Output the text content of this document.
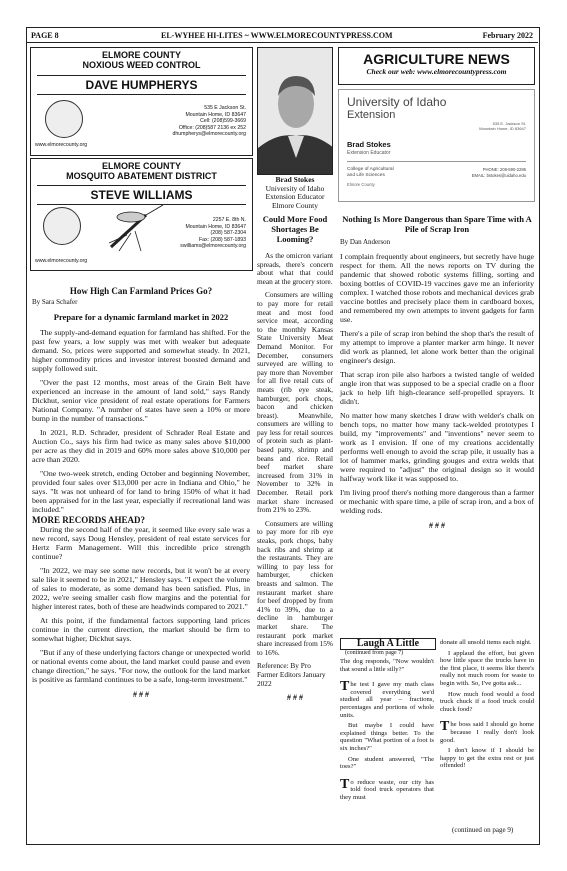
PAGE 8	EL-WYHEE HI-LITES ~ WWW.ELMORECOUNTYPRESS.COM	February 2022
ELMORE COUNTY
NOXIOUS WEED CONTROL
DAVE HUMPHERYS
www.elmorecounty.org
535 E Jackson St.
Mountain Home, ID 83647
Cell: (208)599-3669
Office: (208)587 2136 ex 252
dhumpherys@elmorecounty.org
ELMORE COUNTY
MOSQUITO ABATEMENT DISTRICT
STEVE WILLIAMS
www.elmorecounty.org
2257 E. 8th N.
Mountain Home, ID 83647
(208) 587-2304
Fax: (208) 587-1893
swilliams@elmorecounty.org
Brad Stokes
University of Idaho
Extension Educator
Elmore County
AGRICULTURE NEWS
Check our web: www.elmorecountypress.com
University of Idaho
Extension
535 E. Jackson St.
Mountain Home, ID 83647
Brad Stokes
Extension Educator
College of Agricultural
and Life Sciences
Elmore County
PHONE: 208-590-2286
EMAIL: bstokes@uidaho.edu
How High Can Farmland Prices Go?
By Sara Schafer
Prepare for a dynamic farmland market in 2022

The supply-and-demand equation for farmland has shifted. For the past few years, a low supply was met with weaker but adequate demand. So, prices were supported and somewhat steady. In 2021, higher commodity prices and investor interest boosted demand and supply followed suit.

"Over the past 12 months, most areas of the Grain Belt have experienced an increase in the amount of land sold," says Randy Dickhut, senior vice president of real estate operations for Farmers National Company. "A number of states have seen a 10% or more bump in the number of transactions."

In 2021, R.D. Schrader, president of Schrader Real Estate and Auction Co., says his firm had twice as many sales above $10,000 per acre as they did in 2019 and 60% more sales above $10,000 per acre than 2020.

"One two-week stretch, ending October and beginning November, provided four sales over $13,000 per acre in Indiana and Ohio," he says. "It was not unheard of for land to bring 150% of what it had been appraised for in the last year, especially if recreational land was included."

MORE RECORDS AHEAD?

During the second half of the year, it seemed like every sale was a new record, says Doug Hensley, president of real estate services for Hertz Farm Management. Will this incredible price strength continue?

"In 2022, we may see some new records, but it won't be at every sale like it seemed to be in 2021," Hensley says. "I expect the volume of sales to moderate, as some demand has been satisfied. Plus, in 2022, we're seeing smaller cash flow margins and the potential for higher interest rates, both of these are headwinds compared to 2021."

At this point, if the fundamental factors supporting land prices continue in the current direction, the market should be firm to somewhat higher, Dickhut says.

"But if any of these underlying factors change or unexpected world or national events come about, the land market could pause and even change direction," he says. "For now, the outlook for the land market is positive as farmland continues to be a safe, long-term investment."

# # #
Could More Food Shortages Be Looming?

As the omicron variant spreads, there's concern about what that could mean at the grocery store.

Consumers are willing to pay more for retail meat and most food service meat, according to the monthly Kansas State University Meat Demand Monitor. For December, consumers surveyed are willing to pay more than November for all five retail cuts of meats (rib eye steak, hamburger, pork chops, bacon and chicken breast). Meanwhile, consumers are willing to pay less for retail sources of protein such as plant-based patty, shrimp and beans and rice. Retail beef market share increased from 31% in November to 32% in December. Retail pork market share increased from 21% to 23%.

Consumers are willing to pay more for rib eye steaks, pork chops, baby back ribs and shrimp at the restaurants. They are willing to pay less for hamburger, chicken breasts and salmon. The restaurant market share for beef dropped by from 41% to 39%, due to a decline in hamburger market share. The restaurant pork market share increased from 15% to 16%.

Reference: By Pro Farmer Editors January 2022

# # #
Nothing Is More Dangerous than Spare Time with A Pile of Scrap Iron
By Dan Anderson

I complain frequently about engineers, but secretly have huge respect for them. All the news reports on TV during the pandemic that showed robotic systems filling, sorting and boxing bottles of COVID-19 vaccines gave me an inferiority complex. I watched those robots and mechanical devices grab vaccine bottles and precisely place them in cardboard boxes, and remembered my own attempts to invent gadgets for farm use.

There's a pile of scrap iron behind the shop that's the result of my attempt to improve a planter marker arm hinge. It never did work as planned, let alone work better than the original engineer's design.

That scrap iron pile also harbors a twisted tangle of welded angle iron that was supposed to be a special cradle on a floor jack to help lift high-clearance self-propelled sprayers. It didn't.

No matter how many sketches I draw with welder's chalk on bench tops, no matter how many tack-welded prototypes I build, my "improvements" and "inventions" never seem to work as I envision. If one of my creations accidentally performs well enough to avoid the scrap pile, it usually has a lot of hammer marks, grinding gouges and extra welds that were required to "adjust" the original design so it would halfway work like it was supposed to.

I'm living proof there's nothing more dangerous than a farmer or mechanic with spare time, a pile of scrap iron, and a box of welding rods.

# # #
Laugh A Little
(continued from page 7)

The dog responds, "Now wouldn't that sound a little silly?"

The test I gave my math class covered everything we'd studied all year – fractions, percentages and portions of whole units.

But maybe I could have explained things better. To the question "What portion of a foot is six inches?"

One student answered, "The toes?"

To reduce waste, our city has told food truck operators that they must

donate all unsold items each night.

I applaud the effort, but given how little space the trucks have in the first place, it seems like there's really not much room for waste to begin with. So, I've gotta ask...

How much food would a food truck chuck if a food truck could chuck food?

The boss said I should go home because I really don't look good.

I don't know if I should be happy to get the extra rest or just offended!

(continued on page 9)
